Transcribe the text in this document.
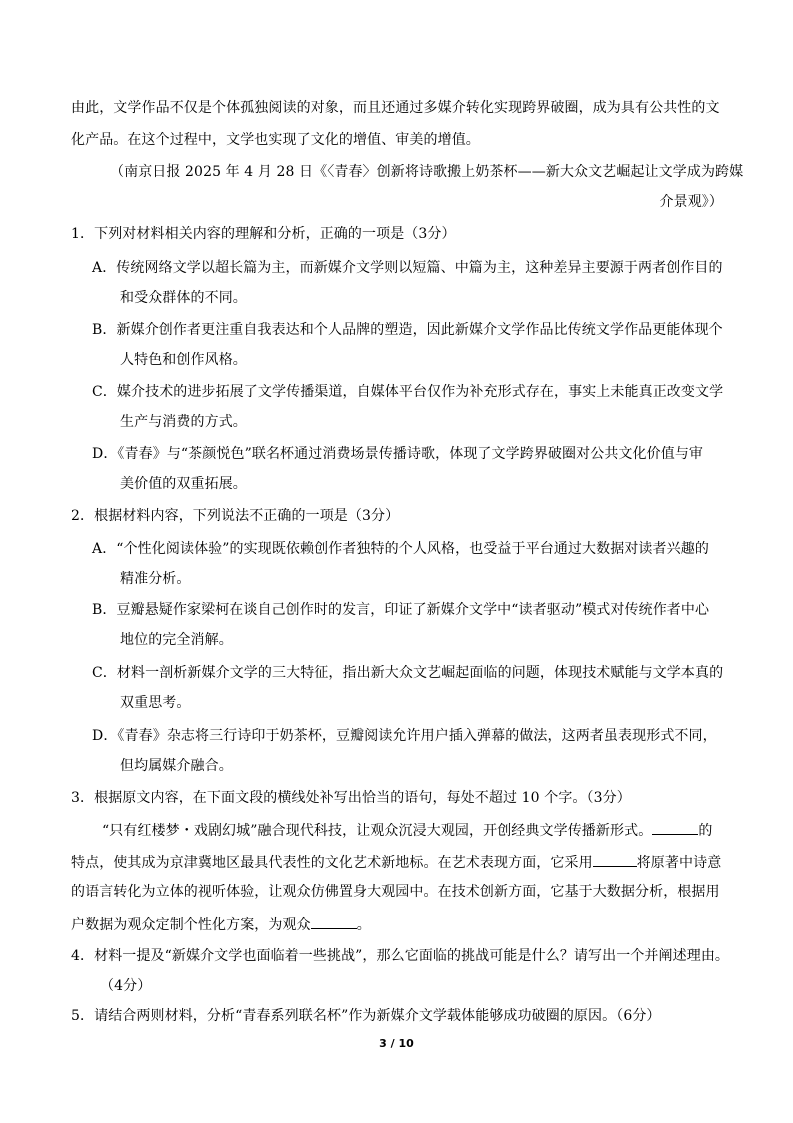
由此，文学作品不仅是个体孤独阅读的对象，而且还通过多媒介转化实现跨界破圈，成为具有公共性的文
化产品。在这个过程中，文学也实现了文化的增值、审美的增值。
（南京日报 2025 年 4 月 28 日《〈青春〉创新将诗歌搬上奶茶杯——新大众文艺崛起让文学成为跨媒
介景观》）
1．下列对材料相关内容的理解和分析，正确的一项是（3分）
A．传统网络文学以超长篇为主，而新媒介文学则以短篇、中篇为主，这种差异主要源于两者创作目的
和受众群体的不同。
B．新媒介创作者更注重自我表达和个人品牌的塑造，因此新媒介文学作品比传统文学作品更能体现个
人特色和创作风格。
C．媒介技术的进步拓展了文学传播渠道，自媒体平台仅作为补充形式存在，事实上未能真正改变文学
生产与消费的方式。
D．《青春》与“茶颜悦色”联名杯通过消费场景传播诗歌，体现了文学跨界破圈对公共文化价值与审
美价值的双重拓展。
2．根据材料内容，下列说法不正确的一项是（3分）
A．“个性化阅读体验”的实现既依赖创作者独特的个人风格，也受益于平台通过大数据对读者兴趣的
精准分析。
B．豆瓣悬疑作家梁柯在谈自己创作时的发言，印证了新媒介文学中“读者驱动”模式对传统作者中心
地位的完全消解。
C．材料一剖析新媒介文学的三大特征，指出新大众文艺崛起面临的问题，体现技术赋能与文学本真的
双重思考。
D．《青春》杂志将三行诗印于奶茶杯，豆瓣阅读允许用户插入弹幕的做法，这两者虽表现形式不同，
但均属媒介融合。
3．根据原文内容，在下面文段的横线处补写出恰当的语句，每处不超过 10 个字。（3分）
“只有红楼梦・戏剧幻城”融合现代科技，让观众沉浸大观园，开创经典文学传播新形式。	的
特点，使其成为京津冀地区最具代表性的文化艺术新地标。在艺术表现方面，它采用	将原著中诗意
的语言转化为立体的视听体验，让观众仿佛置身大观园中。在技术创新方面，它基于大数据分析，根据用
户数据为观众定制个性化方案，为观众	。
4．材料一提及“新媒介文学也面临着一些挑战”，那么它面临的挑战可能是什么？请写出一个并阐述理由。
（4分）
5．请结合两则材料，分析“青春系列联名杯”作为新媒介文学载体能够成功破圈的原因。（6分）
3 / 10
